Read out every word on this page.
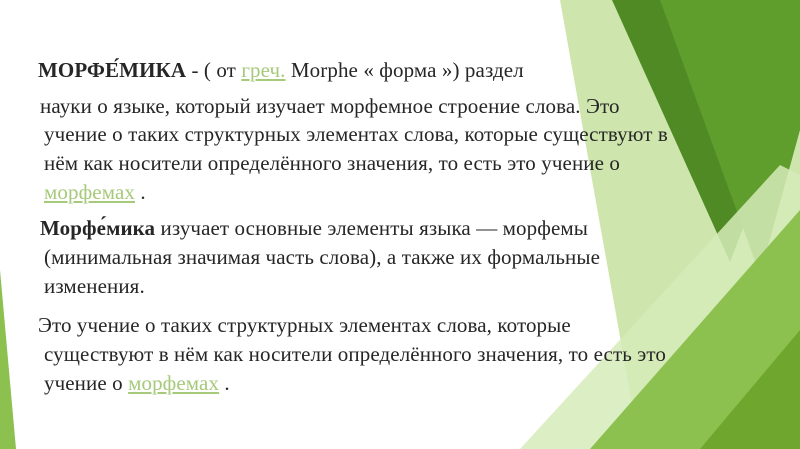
МОРФЕ́МИКА - ( от греч. Morphe « форма ») раздел
науки о языке, который изучает морфемное строение слова. Это
учение о таких структурных элементах слова, которые существуют в
нём как носители определённого значения, то есть это учение о
морфемах .
Морфе́мика изучает основные элементы языка — морфемы
(минимальная значимая часть слова), а также их формальные
изменения.
Это учение о таких структурных элементах слова, которые
существуют в нём как носители определённого значения, то есть это
учение о морфемах .
